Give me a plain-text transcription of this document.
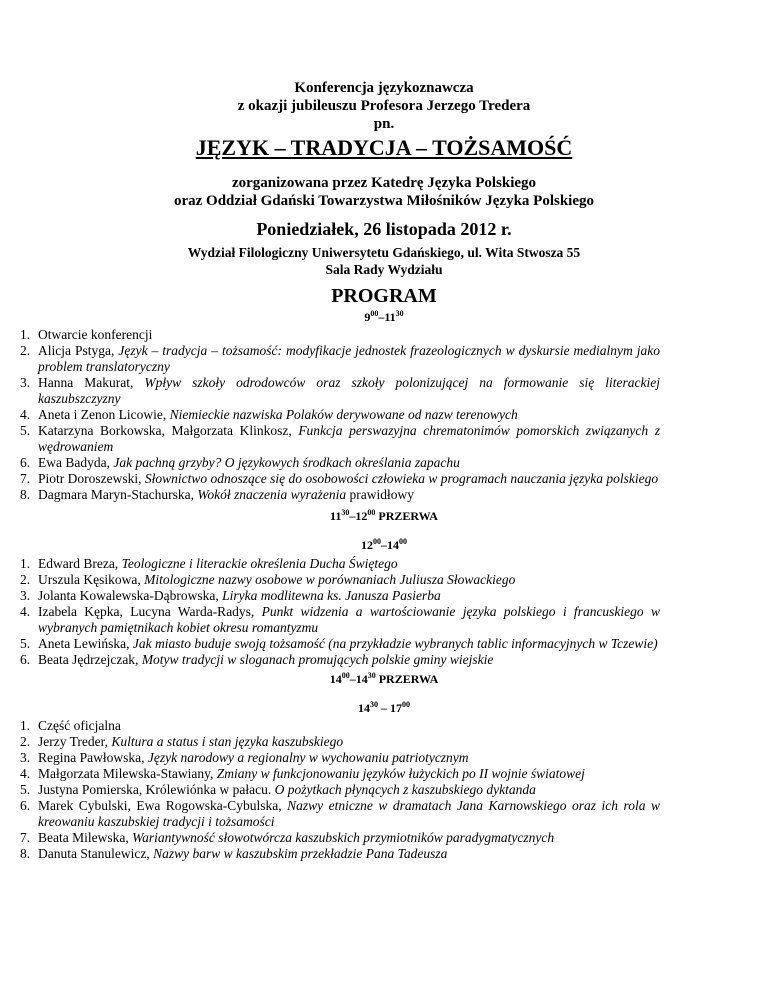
Konferencja językoznawcza
z okazji jubileuszu Profesora Jerzego Tredera
pn.
JĘZYK – TRADYCJA – TOŻSAMOŚĆ
zorganizowana przez Katedrę Języka Polskiego
oraz Oddział Gdański Towarzystwa Miłośników Języka Polskiego
Poniedziałek, 26 listopada 2012 r.
Wydział Filologiczny Uniwersytetu Gdańskiego, ul. Wita Stwosza 55
Sala Rady Wydziału
PROGRAM
$9^{00}-11^{30}$
1. Otwarcie konferencji
2. Alicja Pstyga, Język – tradycja – tożsamość: modyfikacje jednostek frazeologicznych w dyskursie medialnym jako problem translatoryczny
3. Hanna Makurat, Wpływ szkoły odrodowców oraz szkoły polonizującej na formowanie się literackiej kaszubszczyzny
4. Aneta i Zenon Licowie, Niemieckie nazwiska Polaków derywowane od nazw terenowych
5. Katarzyna Borkowska, Małgorzata Klinkosz, Funkcja perswazyjna chrematonimów pomorskich związanych z wędrowaniem
6. Ewa Badyda, Jak pachną grzyby? O językowych środkach określania zapachu
7. Piotr Doroszewski, Słownictwo odnoszące się do osobowości człowieka w programach nauczania języka polskiego
8. Dagmara Maryn-Stachurska, Wokół znaczenia wyrażenia prawidłowy
$11^{30}-12^{00}$ PRZERWA
$12^{00}-14^{00}$
1. Edward Breza, Teologiczne i literackie określenia Ducha Świętego
2. Urszula Kęsikowa, Mitologiczne nazwy osobowe w porównaniach Juliusza Słowackiego
3. Jolanta Kowalewska-Dąbrowska, Liryka modlitewna ks. Janusza Pasierba
4. Izabela Kępka, Lucyna Warda-Radys, Punkt widzenia a wartościowanie języka polskiego i francuskiego w wybranych pamiętnikach kobiet okresu romantyzmu
5. Aneta Lewińska, Jak miasto buduje swoją tożsamość (na przykładzie wybranych tablic informacyjnych w Tczewie)
6. Beata Jędrzejczak, Motyw tradycji w sloganach promujących polskie gminy wiejskie
$14^{00}-14^{30}$ PRZERWA
$14^{30} - 17^{00}$
1. Część oficjalna
2. Jerzy Treder, Kultura a status i stan języka kaszubskiego
3. Regina Pawłowska, Język narodowy a regionalny w wychowaniu patriotycznym
4. Małgorzata Milewska-Stawiany, Zmiany w funkcjonowaniu języków łużyckich po II wojnie światowej
5. Justyna Pomierska, Królewiónka w pałacu. O pożytkach płynących z kaszubskiego dyktanda
6. Marek Cybulski, Ewa Rogowska-Cybulska, Nazwy etniczne w dramatach Jana Karnowskiego oraz ich rola w kreowaniu kaszubskiej tradycji i tożsamości
7. Beata Milewska, Wariantywność słowotwórcza kaszubskich przymiotników paradygmatycznych
8. Danuta Stanulewicz, Nazwy barw w kaszubskim przekładzie Pana Tadeusza
